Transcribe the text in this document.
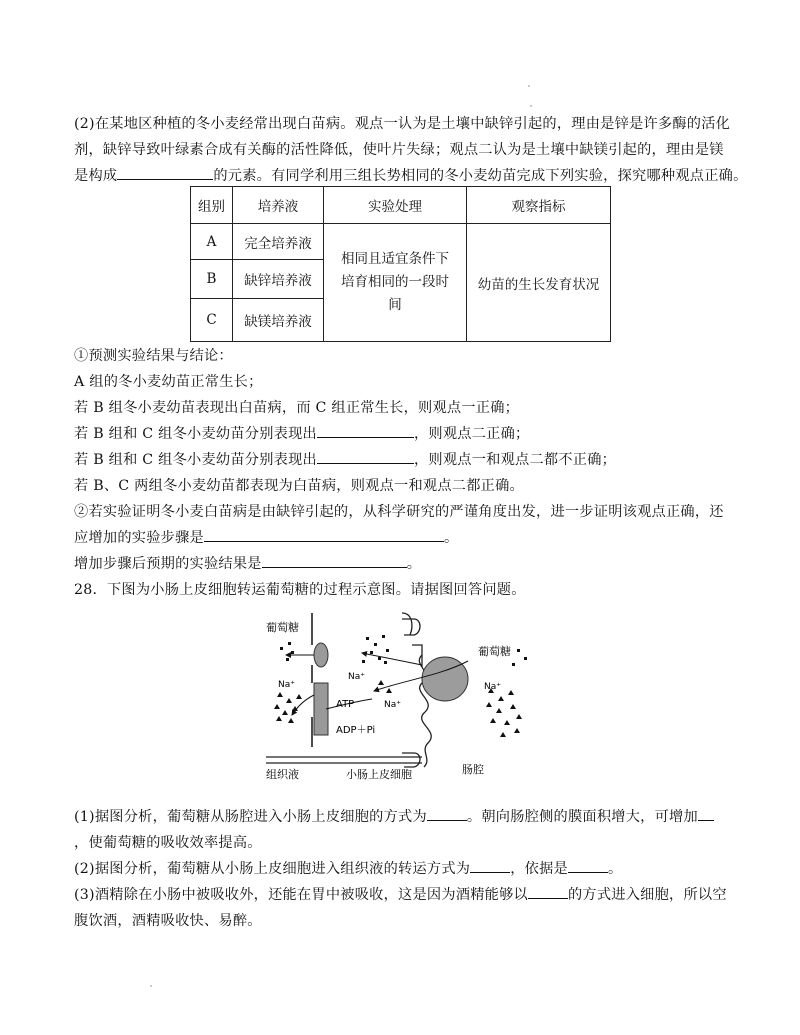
(2)在某地区种植的冬小麦经常出现白苗病。观点一认为是土壤中缺锌引起的，理由是锌是许多酶的活化
剂，缺锌导致叶绿素合成有关酶的活性降低，使叶片失绿；观点二认为是土壤中缺镁引起的，理由是镁
是构成	的元素。有同学利用三组长势相同的冬小麦幼苗完成下列实验，探究哪种观点正确。
组别	培养液	实验处理	观察指标
A	完全培养液	相同且适宜条件下
培育相同的一段时
间	幼苗的生长发育状况
B	缺锌培养液		
C	缺镁培养液		
①预测实验结果与结论：
A 组的冬小麦幼苗正常生长；
若 B 组冬小麦幼苗表现出白苗病，而 C 组正常生长，则观点一正确；
若 B 组和 C 组冬小麦幼苗分别表现出	，则观点二正确；
若 B 组和 C 组冬小麦幼苗分别表现出	，则观点一和观点二都不正确；
若 B、C 两组冬小麦幼苗都表现为白苗病，则观点一和观点二都正确。
②若实验证明冬小麦白苗病是由缺锌引起的，从科学研究的严谨角度出发，进一步证明该观点正确，还
应增加的实验步骤是	。
增加步骤后预期的实验结果是	。
28．下图为小肠上皮细胞转运葡萄糖的过程示意图。请据图回答问题。
葡萄糖
葡萄糖
Na⁺
Na⁺
Na⁺
Na⁺
ATP
ADP＋Pi
组织液	小肠上皮细胞	肠腔
(1)据图分析，葡萄糖从肠腔进入小肠上皮细胞的方式为	。朝向肠腔侧的膜面积增大，可增加
，使葡萄糖的吸收效率提高。
(2)据图分析，葡萄糖从小肠上皮细胞进入组织液的转运方式为	，依据是	。
(3)酒精除在小肠中被吸收外，还能在胃中被吸收，这是因为酒精能够以	的方式进入细胞，所以空
腹饮酒，酒精吸收快、易醉。
